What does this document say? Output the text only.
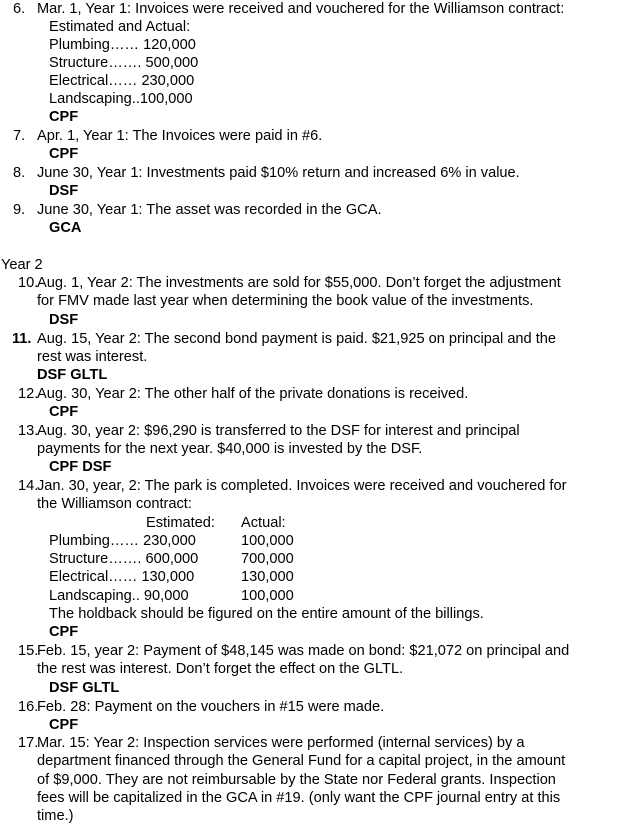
6. Mar. 1, Year 1: Invoices were received and vouchered for the Williamson contract:
Estimated and Actual:
Plumbing…… 120,000
Structure……. 500,000
Electrical…… 230,000
Landscaping..100,000
CPF
7. Apr. 1, Year 1: The Invoices were paid in #6.
CPF
8. June 30, Year 1: Investments paid $10% return and increased 6% in value.
DSF
9. June 30, Year 1: The asset was recorded in the GCA.
GCA
Year 2
10.
Aug. 1, Year 2: The investments are sold for $55,000. Don’t forget the adjustment
for FMV made last year when determining the book value of the investments.
DSF
11. Aug. 15, Year 2: The second bond payment is paid. $21,925 on principal and the
rest was interest.
DSF GLTL
12.
Aug. 30, Year 2: The other half of the private donations is received.
CPF
13.
Aug. 30, year 2: $96,290 is transferred to the DSF for interest and principal
payments for the next year. $40,000 is invested by the DSF.
CPF DSF
14.
Jan. 30, year, 2: The park is completed. Invoices were received and vouchered for
the Williamson contract:
Estimated: Actual:
Plumbing…… 230,000	100,000
Structure……. 600,000	700,000
Electrical…… 130,000	130,000
Landscaping.. 90,000	100,000
The holdback should be figured on the entire amount of the billings.
CPF
15.
Feb. 15, year 2: Payment of $48,145 was made on bond: $21,072 on principal and
the rest was interest. Don’t forget the effect on the GLTL.
DSF GLTL
16.
Feb. 28: Payment on the vouchers in #15 were made.
CPF
17.
Mar. 15: Year 2: Inspection services were performed (internal services) by a
department financed through the General Fund for a capital project, in the amount
of $9,000. They are not reimbursable by the State nor Federal grants. Inspection
fees will be capitalized in the GCA in #19. (only want the CPF journal entry at this
time.)
